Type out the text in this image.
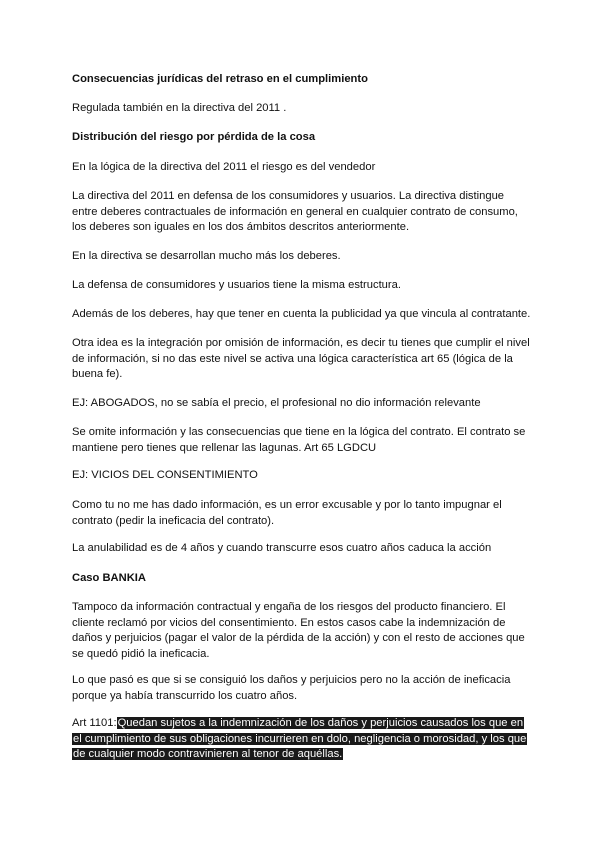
Consecuencias jurídicas del retraso en el cumplimiento

Regulada también en la directiva del 2011 .

Distribución del riesgo por pérdida de la cosa

En la lógica de la directiva del 2011 el riesgo es del vendedor

La directiva del 2011 en defensa de los consumidores y usuarios. La directiva distingue entre deberes contractuales de información en general en cualquier contrato de consumo, los deberes son iguales en los dos ámbitos descritos anteriormente.

En la directiva se desarrollan mucho más los deberes.

La defensa de consumidores y usuarios tiene la misma estructura.

Además de los deberes, hay que tener en cuenta la publicidad ya que vincula al contratante.

Otra idea es la integración por omisión de información, es decir tu tienes que cumplir el nivel de información, si no das este nivel se activa una lógica característica art 65 (lógica de la buena fe).

EJ: ABOGADOS, no se sabía el precio, el profesional no dio información relevante

Se omite información y las consecuencias que tiene en la lógica del contrato. El contrato se mantiene pero tienes que rellenar las lagunas. Art 65 LGDCU

EJ: VICIOS DEL CONSENTIMIENTO

Como tu no me has dado información, es un error excusable y por lo tanto impugnar el contrato (pedir la ineficacia del contrato).

La anulabilidad es de 4 años y cuando transcurre esos cuatro años caduca la acción

Caso BANKIA

Tampoco da información contractual y engaña de los riesgos del producto financiero. El cliente reclamó por vicios del consentimiento. En estos casos cabe la indemnización de daños y perjuicios (pagar el valor de la pérdida de la acción) y con el resto de acciones que se quedó pidió la ineficacia.

Lo que pasó es que si se consiguió los daños y perjuicios pero no la acción de ineficacia porque ya había transcurrido los cuatro años.

Art 1101:Quedan sujetos a la indemnización de los daños y perjuicios causados los que en el cumplimiento de sus obligaciones incurrieren en dolo, negligencia o morosidad, y los que de cualquier modo contravinieren al tenor de aquéllas.
